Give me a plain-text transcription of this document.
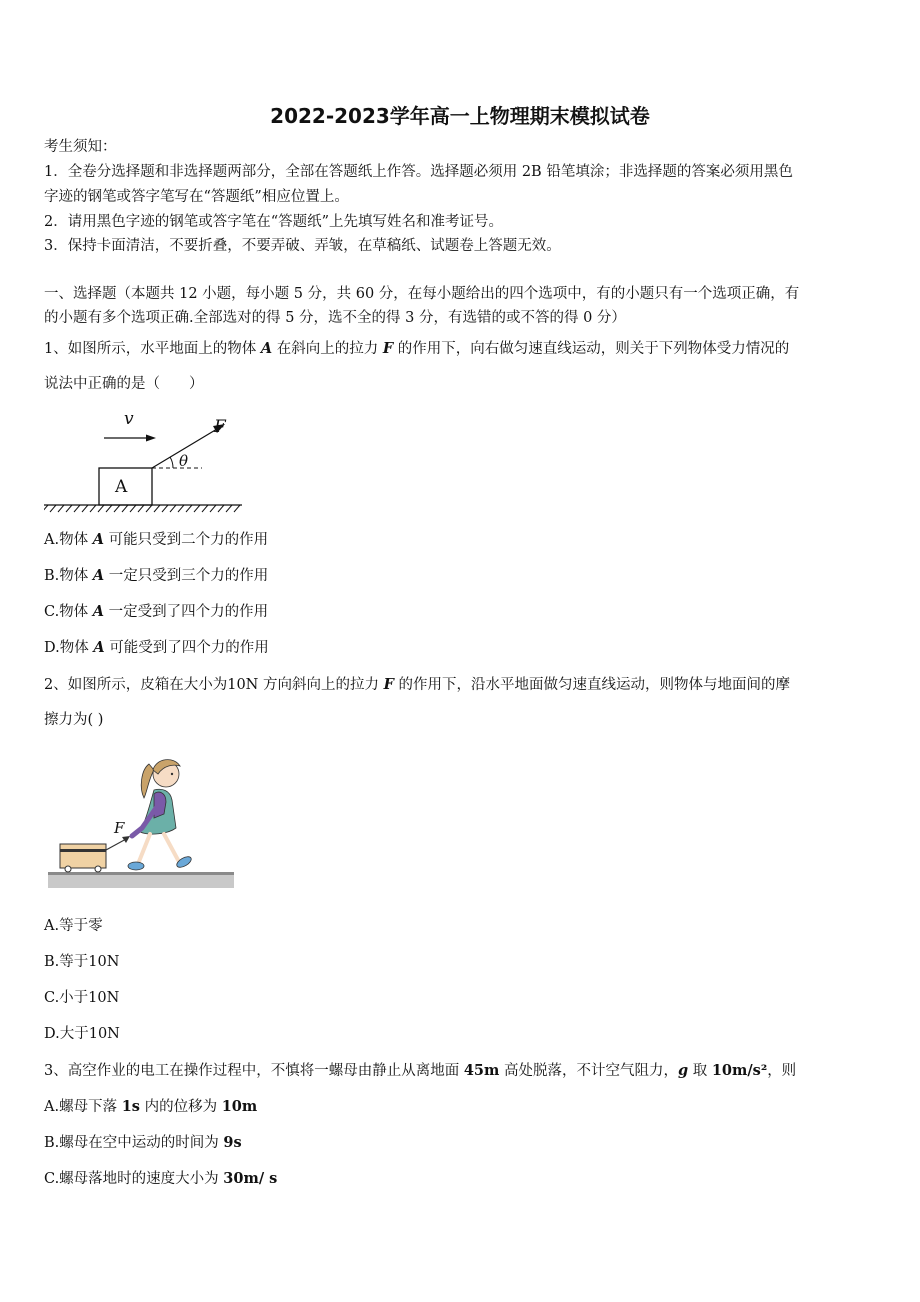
2022-2023学年高一上物理期末模拟试卷
考生须知：
1．全卷分选择题和非选择题两部分，全部在答题纸上作答。选择题必须用 2B 铅笔填涂；非选择题的答案必须用黑色
字迹的钢笔或答字笔写在“答题纸”相应位置上。
2．请用黑色字迹的钢笔或答字笔在“答题纸”上先填写姓名和准考证号。
3．保持卡面清洁，不要折叠，不要弄破、弄皱，在草稿纸、试题卷上答题无效。
一、选择题（本题共 12 小题，每小题 5 分，共 60 分，在每小题给出的四个选项中，有的小题只有一个选项正确，有
的小题有多个选项正确.全部选对的得 5 分，选不全的得 3 分，有选错的或不答的得 0 分）
1、如图所示，水平地面上的物体 A 在斜向上的拉力 F 的作用下，向右做匀速直线运动，则关于下列物体受力情况的
说法中正确的是（　　）
v
A
F
θ
A.物体 A 可能只受到二个力的作用
B.物体 A 一定只受到三个力的作用
C.物体 A 一定受到了四个力的作用
D.物体 A 可能受到了四个力的作用
2、如图所示，皮箱在大小为10N 方向斜向上的拉力 F 的作用下，沿水平地面做匀速直线运动，则物体与地面间的摩
擦力为( )
F
A.等于零
B.等于10N
C.小于10N
D.大于10N
3、高空作业的电工在操作过程中，不慎将一螺母由静止从离地面 45m 高处脱落，不计空气阻力，g 取 10m/s²，则
A.螺母下落 1s 内的位移为 10m
B.螺母在空中运动的时间为 9s
C.螺母落地时的速度大小为 30m/ s
